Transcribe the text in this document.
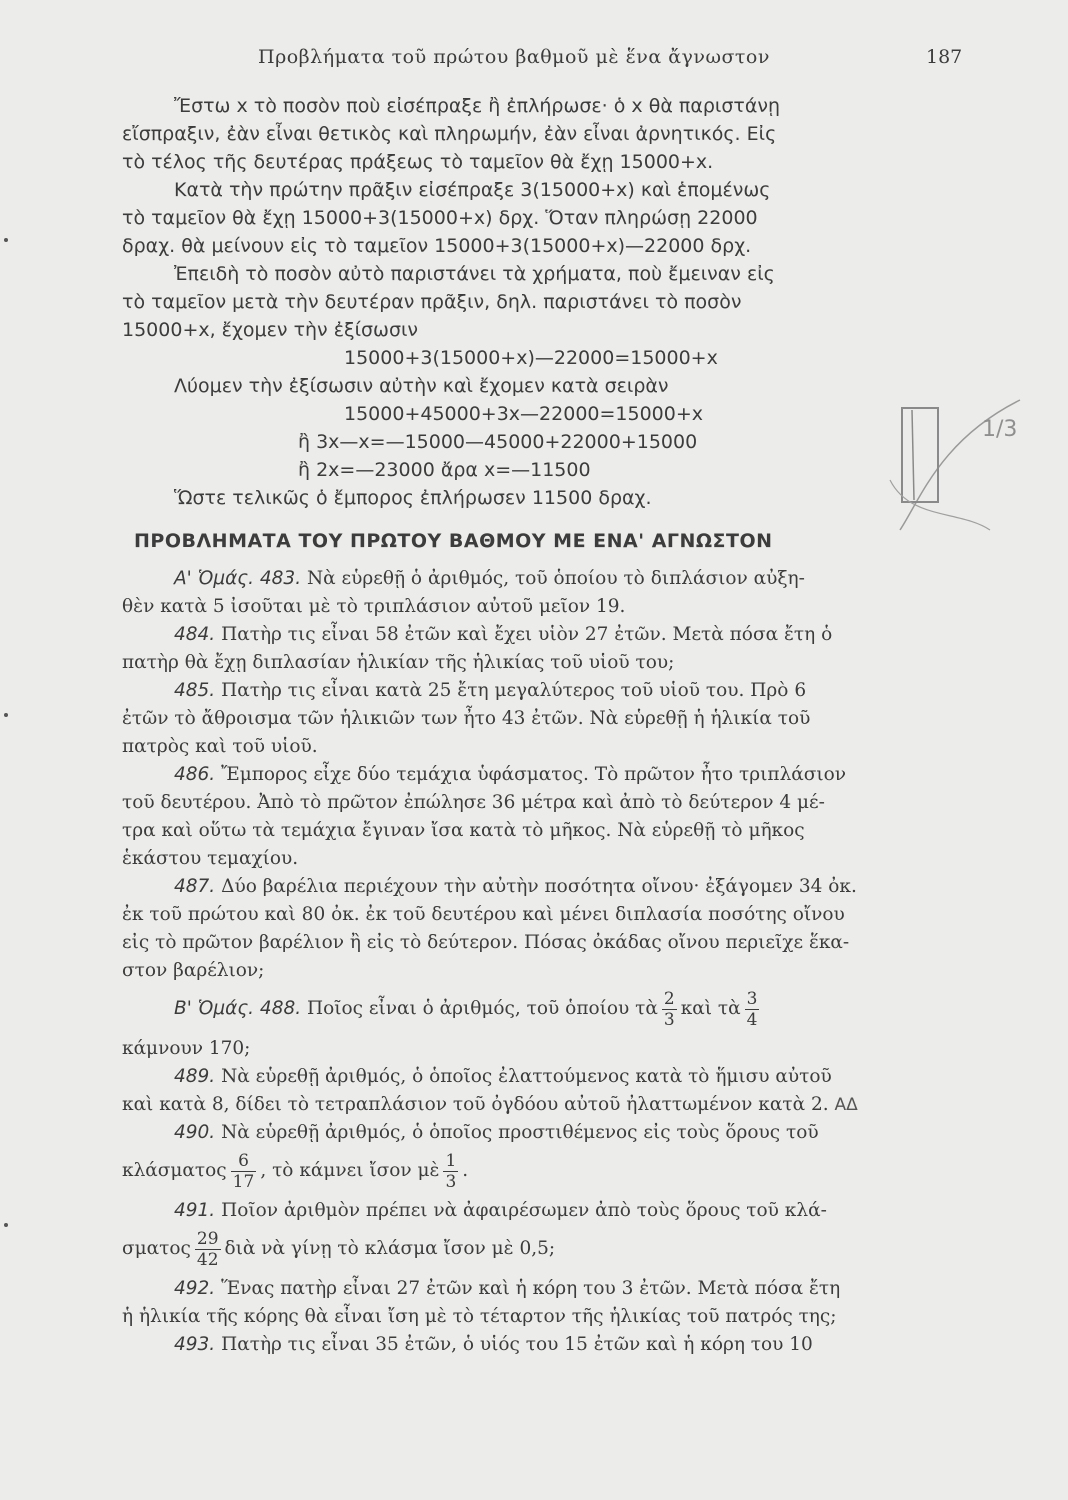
Προβλήματα τοῦ πρώτου βαθμοῦ μὲ ἕνα ἄγνωστον	187
Ἔστω x τὸ ποσὸν ποὺ εἰσέπραξε ἢ ἐπλήρωσε· ὁ x θὰ παριστάνῃ
εἴσπραξιν, ἐὰν εἶναι θετικὸς καὶ πληρωμήν, ἐὰν εἶναι ἀρνητικός. Εἰς
τὸ τέλος τῆς δευτέρας πράξεως τὸ ταμεῖον θὰ ἔχῃ 15000+x.
Κατὰ τὴν πρώτην πρᾶξιν εἰσέπραξε 3(15000+x) καὶ ἑπομένως
τὸ ταμεῖον θὰ ἔχῃ 15000+3(15000+x) δρχ. Ὅταν πληρώσῃ 22000
δραχ. θὰ μείνουν εἰς τὸ ταμεῖον 15000+3(15000+x)—22000 δρχ.
Ἐπειδὴ τὸ ποσὸν αὐτὸ παριστάνει τὰ χρήματα, ποὺ ἔμειναν εἰς
τὸ ταμεῖον μετὰ τὴν δευτέραν πρᾶξιν, δηλ. παριστάνει τὸ ποσὸν
15000+x, ἔχομεν τὴν ἐξίσωσιν
15000+3(15000+x)—22000=15000+x
Λύομεν τὴν ἐξίσωσιν αὐτὴν καὶ ἔχομεν κατὰ σειρὰν
15000+45000+3x—22000=15000+x
ἢ 3x—x=—15000—45000+22000+15000
ἢ 2x=—23000 ἄρα x=—11500
Ὥστε τελικῶς ὁ ἔμπορος ἐπλήρωσεν 11500 δραχ.
ΠΡΟΒΛΗΜΑΤΑ ΤΟΥ ΠΡΩΤΟΥ ΒΑΘΜΟΥ ΜΕ ΕΝΑ' ΑΓΝΩΣΤΟΝ
Α' Ὁμάς. 483. Νὰ εὑρεθῇ ὁ ἀριθμός, τοῦ ὁποίου τὸ διπλάσιον αὐξη-
θὲν κατὰ 5 ἰσοῦται μὲ τὸ τριπλάσιον αὐτοῦ μεῖον 19.
484. Πατὴρ τις εἶναι 58 ἐτῶν καὶ ἔχει υἱὸν 27 ἐτῶν. Μετὰ πόσα ἔτη ὁ
πατὴρ θὰ ἔχῃ διπλασίαν ἡλικίαν τῆς ἡλικίας τοῦ υἱοῦ του;
485. Πατὴρ τις εἶναι κατὰ 25 ἔτη μεγαλύτερος τοῦ υἱοῦ του. Πρὸ 6
ἐτῶν τὸ ἄθροισμα τῶν ἡλικιῶν των ἦτο 43 ἐτῶν. Νὰ εὑρεθῇ ἡ ἡλικία τοῦ
πατρὸς καὶ τοῦ υἱοῦ.
486. Ἔμπορος εἶχε δύο τεμάχια ὑφάσματος. Τὸ πρῶτον ἦτο τριπλάσιον
τοῦ δευτέρου. Ἀπὸ τὸ πρῶτον ἐπώλησε 36 μέτρα καὶ ἀπὸ τὸ δεύτερον 4 μέ-
τρα καὶ οὕτω τὰ τεμάχια ἔγιναν ἴσα κατὰ τὸ μῆκος. Νὰ εὑρεθῇ τὸ μῆκος
ἑκάστου τεμαχίου.
487. Δύο βαρέλια περιέχουν τὴν αὐτὴν ποσότητα οἴνου· ἐξάγομεν 34 ὀκ.
ἐκ τοῦ πρώτου καὶ 80 ὀκ. ἐκ τοῦ δευτέρου καὶ μένει διπλασία ποσότης οἴνου
εἰς τὸ πρῶτον βαρέλιον ἢ εἰς τὸ δεύτερον. Πόσας ὀκάδας οἴνου περιεῖχε ἕκα-
στον βαρέλιον;
Β' Ὁμάς. 488. Ποῖος εἶναι ὁ ἀριθμός, τοῦ ὁποίου τὰ $\frac{2}{3}$ καὶ τὰ $\frac{3}{4}$
κάμνουν 170;
489. Νὰ εὑρεθῇ ἀριθμός, ὁ ὁποῖος ἐλαττούμενος κατὰ τὸ ἥμισυ αὐτοῦ
καὶ κατὰ 8, δίδει τὸ τετραπλάσιον τοῦ ὀγδόου αὐτοῦ ἠλαττωμένον κατὰ 2. ΑΔ
490. Νὰ εὑρεθῇ ἀριθμός, ὁ ὁποῖος προστιθέμενος εἰς τοὺς ὅρους τοῦ
κλάσματος $\frac{6}{17}$ , τὸ κάμνει ἴσον μὲ $\frac{1}{3}$ .
491. Ποῖον ἀριθμὸν πρέπει νὰ ἀφαιρέσωμεν ἀπὸ τοὺς ὅρους τοῦ κλά-
σματος $\frac{29}{42}$ διὰ νὰ γίνῃ τὸ κλάσμα ἴσον μὲ 0,5;
492. Ἕνας πατὴρ εἶναι 27 ἐτῶν καὶ ἡ κόρη του 3 ἐτῶν. Μετὰ πόσα ἔτη
ἡ ἡλικία τῆς κόρης θὰ εἶναι ἴση μὲ τὸ τέταρτον τῆς ἡλικίας τοῦ πατρός της;
493. Πατὴρ τις εἶναι 35 ἐτῶν, ὁ υἱός του 15 ἐτῶν καὶ ἡ κόρη του 10
1/3
